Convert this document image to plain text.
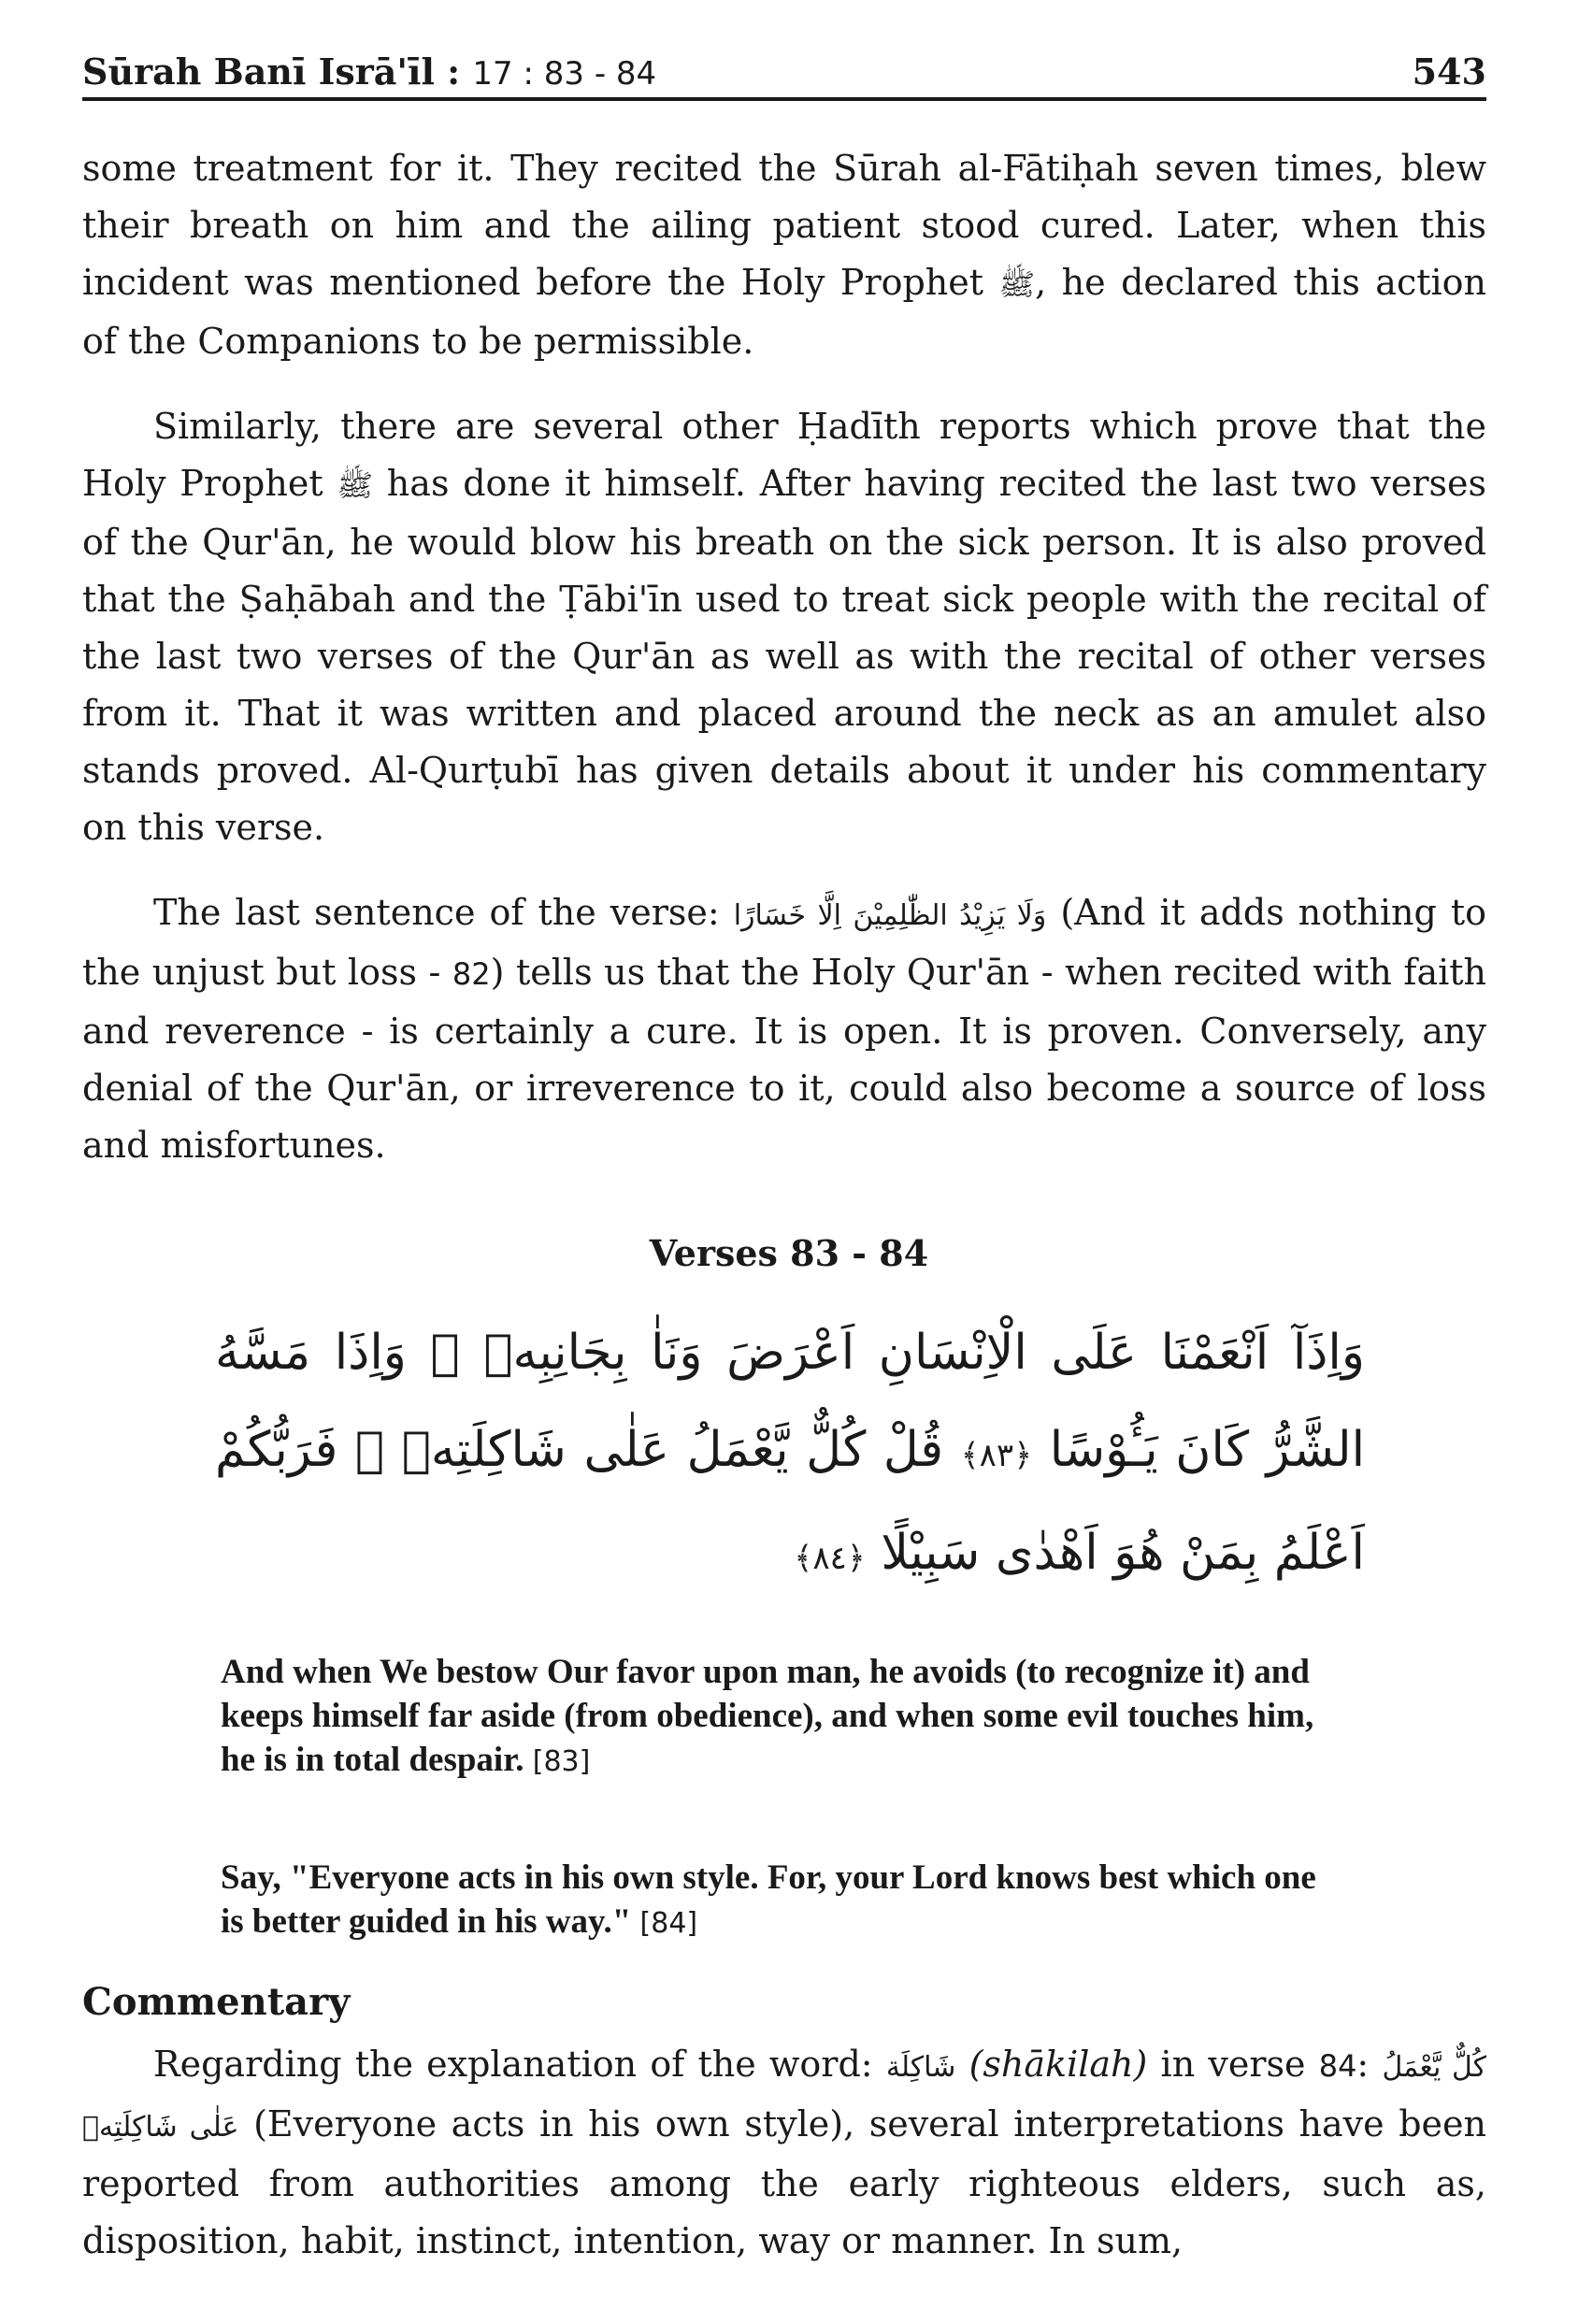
Sūrah Banī Isrā'īl : 17 : 83 - 84	543

some treatment for it. They recited the Sūrah al-Fātiḥah seven times, blew their breath on him and the ailing patient stood cured. Later, when this incident was mentioned before the Holy Prophet ﷺ, he declared this action of the Companions to be permissible.

Similarly, there are several other Ḥadīth reports which prove that the Holy Prophet ﷺ has done it himself. After having recited the last two verses of the Qur'ān, he would blow his breath on the sick person. It is also proved that the Ṣaḥābah and the Ṭābi'īn used to treat sick people with the recital of the last two verses of the Qur'ān as well as with the recital of other verses from it. That it was written and placed around the neck as an amulet also stands proved. Al-Qurṭubī has given details about it under his commentary on this verse.

The last sentence of the verse: وَلَا يَزِيْدُ الظّٰلِمِيْنَ اِلَّا خَسَارًا (And it adds nothing to the unjust but loss - 82) tells us that the Holy Qur'ān - when recited with faith and reverence - is certainly a cure. It is open. It is proven. Conversely, any denial of the Qur'ān, or irreverence to it, could also become a source of loss and misfortunes.

Verses 83 - 84
وَاِذَآ اَنْعَمْنَا عَلَى الْاِنْسَانِ اَعْرَضَ وَنَاٰ بِجَانِبِهٖ ۚ وَاِذَا مَسَّهُ الشَّرُّ كَانَ يَـُٔوْسًا ﴿٨٣﴾ قُلْ كُلٌّ يَّعْمَلُ عَلٰى شَاكِلَتِهٖ ۭ فَرَبُّكُمْ اَعْلَمُ بِمَنْ هُوَ اَهْدٰى سَبِيْلًا ﴿٨٤﴾

And when We bestow Our favor upon man, he avoids (to recognize it) and keeps himself far aside (from obedience), and when some evil touches him, he is in total despair. [83]

Say, "Everyone acts in his own style. For, your Lord knows best which one is better guided in his way." [84]

Commentary

Regarding the explanation of the word: شَاكِلَة (shākilah) in verse 84: كُلٌّ يَّعْمَلُ عَلٰى شَاكِلَتِهٖ (Everyone acts in his own style), several interpretations have been reported from authorities among the early righteous elders, such as, disposition, habit, instinct, intention, way or manner. In sum,
